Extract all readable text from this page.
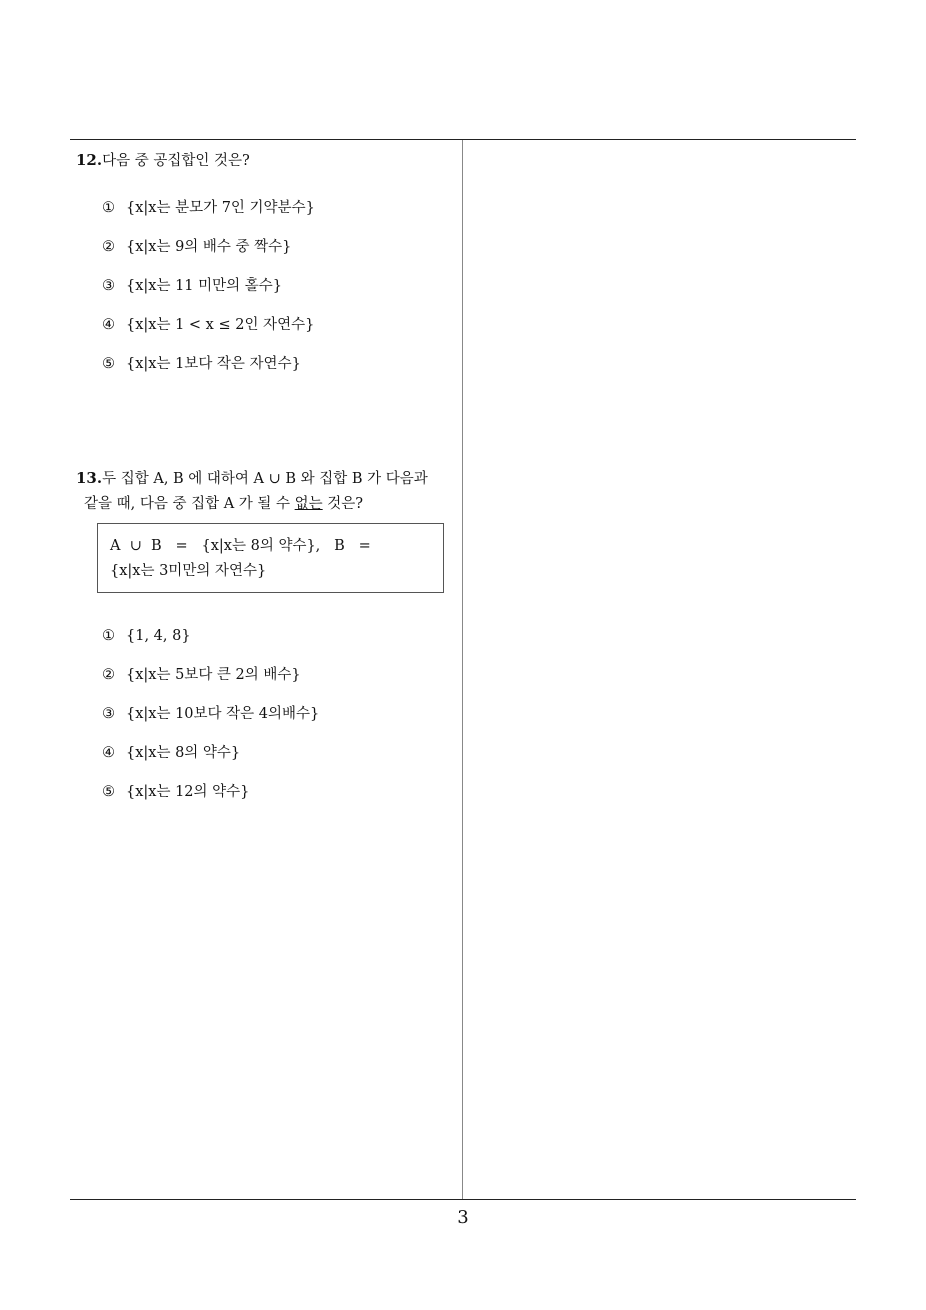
12.다음 중 공집합인 것은?
① {x|x는 분모가 7인 기약분수}
② {x|x는 9의 배수 중 짝수}
③ {x|x는 11 미만의 홀수}
④ {x|x는 1 < x ≤ 2인 자연수}
⑤ {x|x는 1보다 작은 자연수}
13.두 집합 A, B 에 대하여 A ∪ B 와 집합 B 가 다음과
같을 때, 다음 중 집합 A 가 될 수 없는 것은?
A  ∪  B   =   {x|x는 8의 약수},   B   =
{x|x는 3미만의 자연수}
① {1, 4, 8}
② {x|x는 5보다 큰 2의 배수}
③ {x|x는 10보다 작은 4의배수}
④ {x|x는 8의 약수}
⑤ {x|x는 12의 약수}
3
